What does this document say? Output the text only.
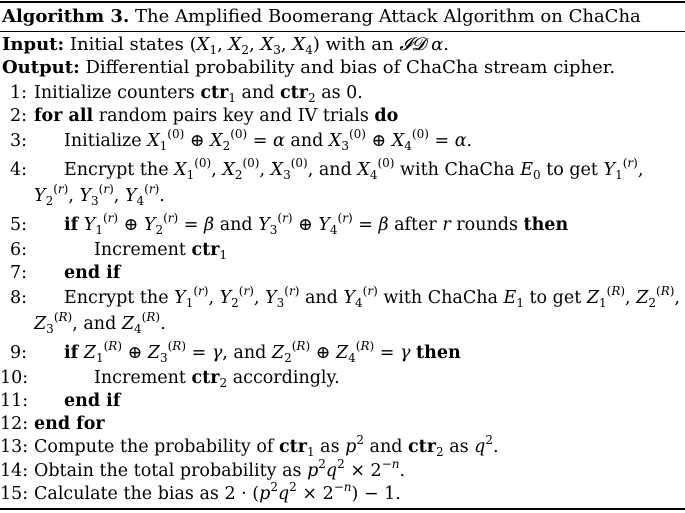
Algorithm 3. The Amplified Boomerang Attack Algorithm on ChaCha
Input: Initial states ($X_1$, $X_2$, $X_3$, $X_4$) with an 𝓘𝓓 α.
Output: Differential probability and bias of ChaCha stream cipher.
1: Initialize counters ctr$_1$ and ctr$_2$ as 0.
2: for all random pairs key and IV trials do
3: Initialize $X_1^{(0)}$ ⊕ $X_2^{(0)} = \alpha$ and $X_3^{(0)}$ ⊕ $X_4^{(0)} = \alpha$.
4: Encrypt the $X_1^{(0)}$, $X_2^{(0)}$, $X_3^{(0)}$, and $X_4^{(0)}$ with ChaCha $E_0$ to get $Y_1^{(r)}$,
$Y_2^{(r)}$, $Y_3^{(r)}$, $Y_4^{(r)}$.
5: if $Y_1^{(r)}$ ⊕ $Y_2^{(r)} = \beta$ and $Y_3^{(r)}$ ⊕ $Y_4^{(r)} = \beta$ after r rounds then
6:	Increment ctr$_1$
7: end if
8: Encrypt the $Y_1^{(r)}$, $Y_2^{(r)}$, $Y_3^{(r)}$ and $Y_4^{(r)}$ with ChaCha $E_1$ to get $Z_1^{(R)}$, $Z_2^{(R)}$,
$Z_3^{(R)}$, and $Z_4^{(R)}$.
9: if $Z_1^{(R)}$ ⊕ $Z_3^{(R)} = \gamma$, and $Z_2^{(R)}$ ⊕ $Z_4^{(R)} = \gamma$ then
10:	Increment ctr$_2$ accordingly.
11: end if
12: end for
13: Compute the probability of ctr$_1$ as $p^2$ and ctr$_2$ as $q^2$.
14: Obtain the total probability as $p^2q^2 \times 2^{-n}$.
15: Calculate the bias as $2 \cdot (p^2q^2 \times 2^{-n}) - 1$.
